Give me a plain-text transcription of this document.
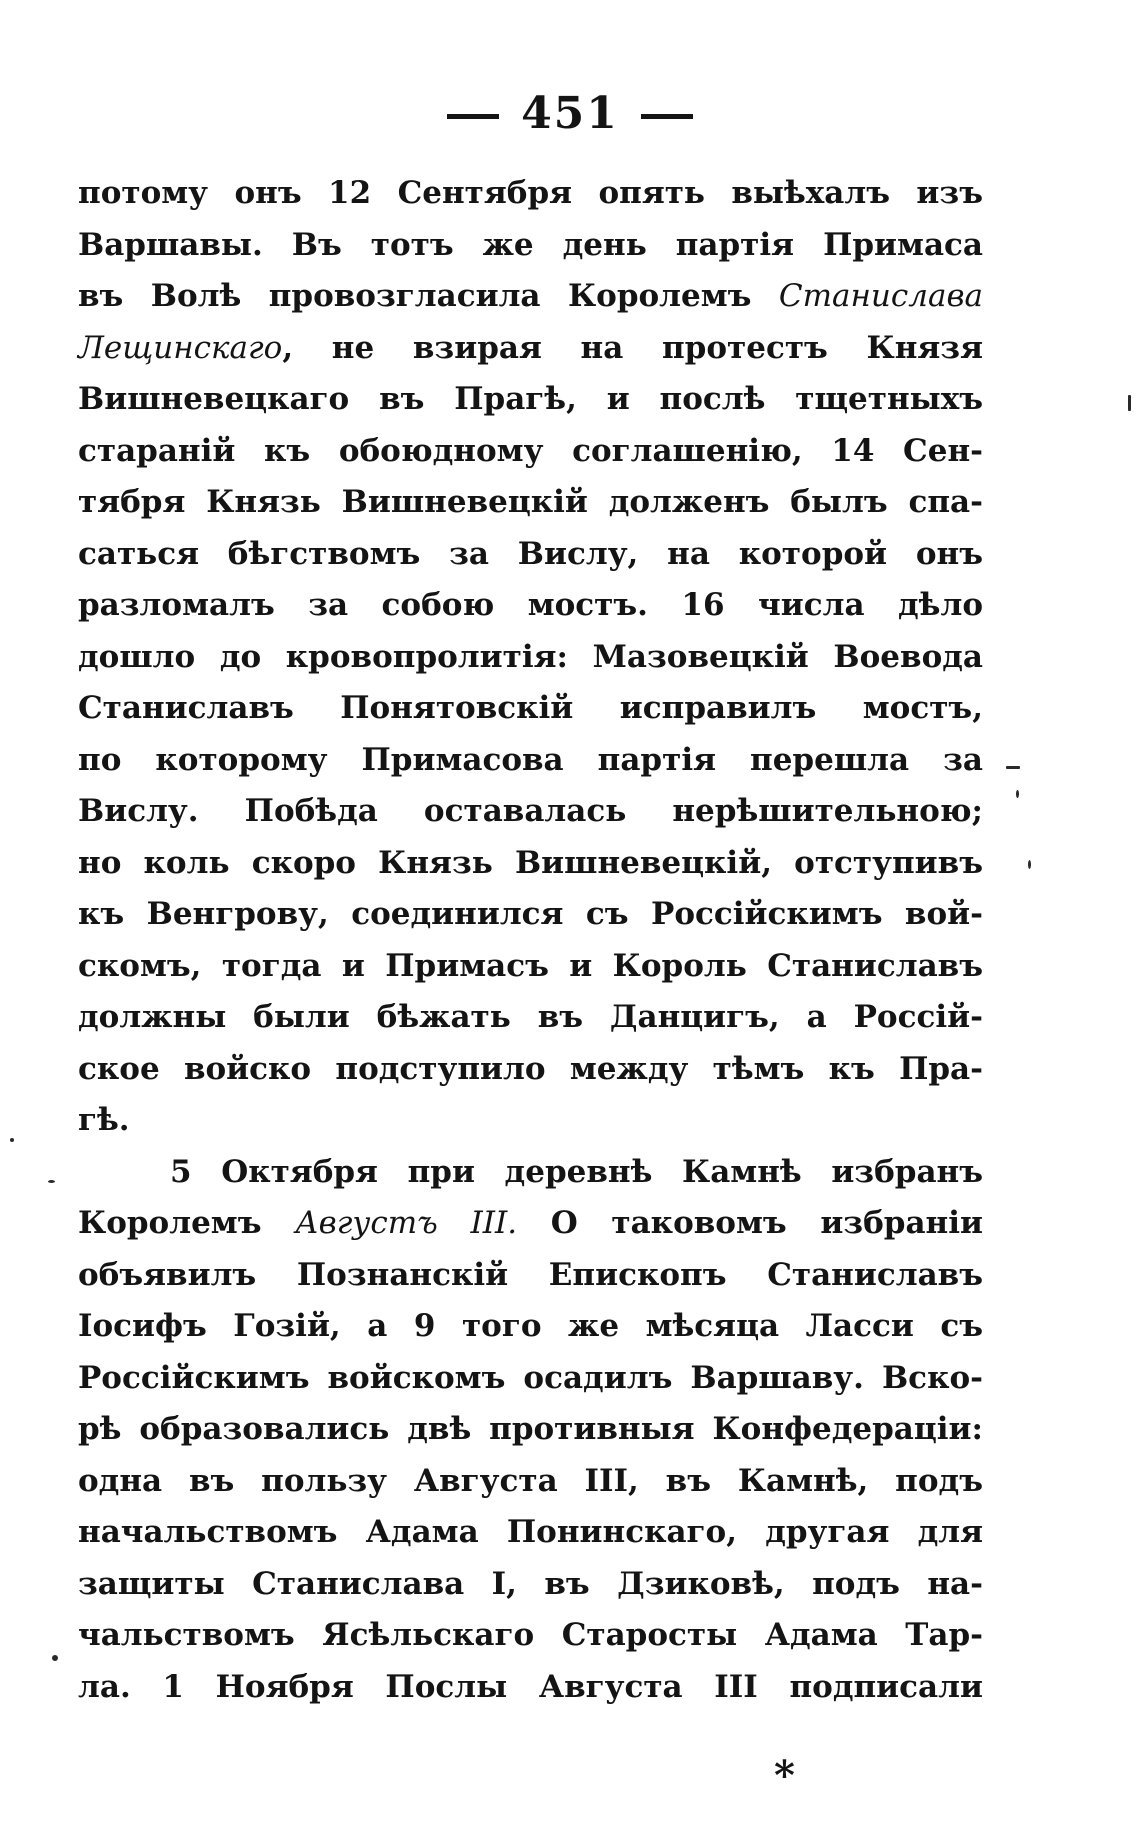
451
потому онъ 12 Сентября опять выѣхалъ изъ
Варшавы. Въ тотъ же день партія Примаса
въ Волѣ провозгласила Королемъ Станислава
Лещинскаго, не взирая на протестъ Князя
Вишневецкаго въ Прагѣ, и послѣ тщетныхъ
стараній къ обоюдному соглашенію, 14 Сен-
тября Князь Вишневецкій долженъ былъ спа-
саться бѣгствомъ за Вислу, на которой онъ
разломалъ за собою мостъ. 16 числа дѣло
дошло до кровопролитія: Мазовецкій Воевода
Станиславъ Понятовскій исправилъ мостъ,
по которому Примасова партія перешла за
Вислу. Побѣда оставалась нерѣшительною;
но коль скоро Князь Вишневецкій, отступивъ
къ Венгрову, соединился съ Россійскимъ вой-
скомъ, тогда и Примасъ и Король Станиславъ
должны были бѣжать въ Данцигъ, а Россій-
ское войско подступило между тѣмъ къ Пра-
гѣ.
5 Октября при деревнѣ Камнѣ избранъ
Королемъ Августъ III. О таковомъ избраніи
объявилъ Познанскій Епископъ Станиславъ
Іосифъ Гозій, а 9 того же мѣсяца Ласси съ
Россійскимъ войскомъ осадилъ Варшаву. Вско-
рѣ образовались двѣ противныя Конфедераціи:
одна въ пользу Августа III, въ Камнѣ, подъ
начальствомъ Адама Понинскаго, другая для
защиты Станислава I, въ Дзиковѣ, подъ на-
чальствомъ Ясѣльскаго Старосты Адама Тар-
ла. 1 Ноября Послы Августа III подписали
*
